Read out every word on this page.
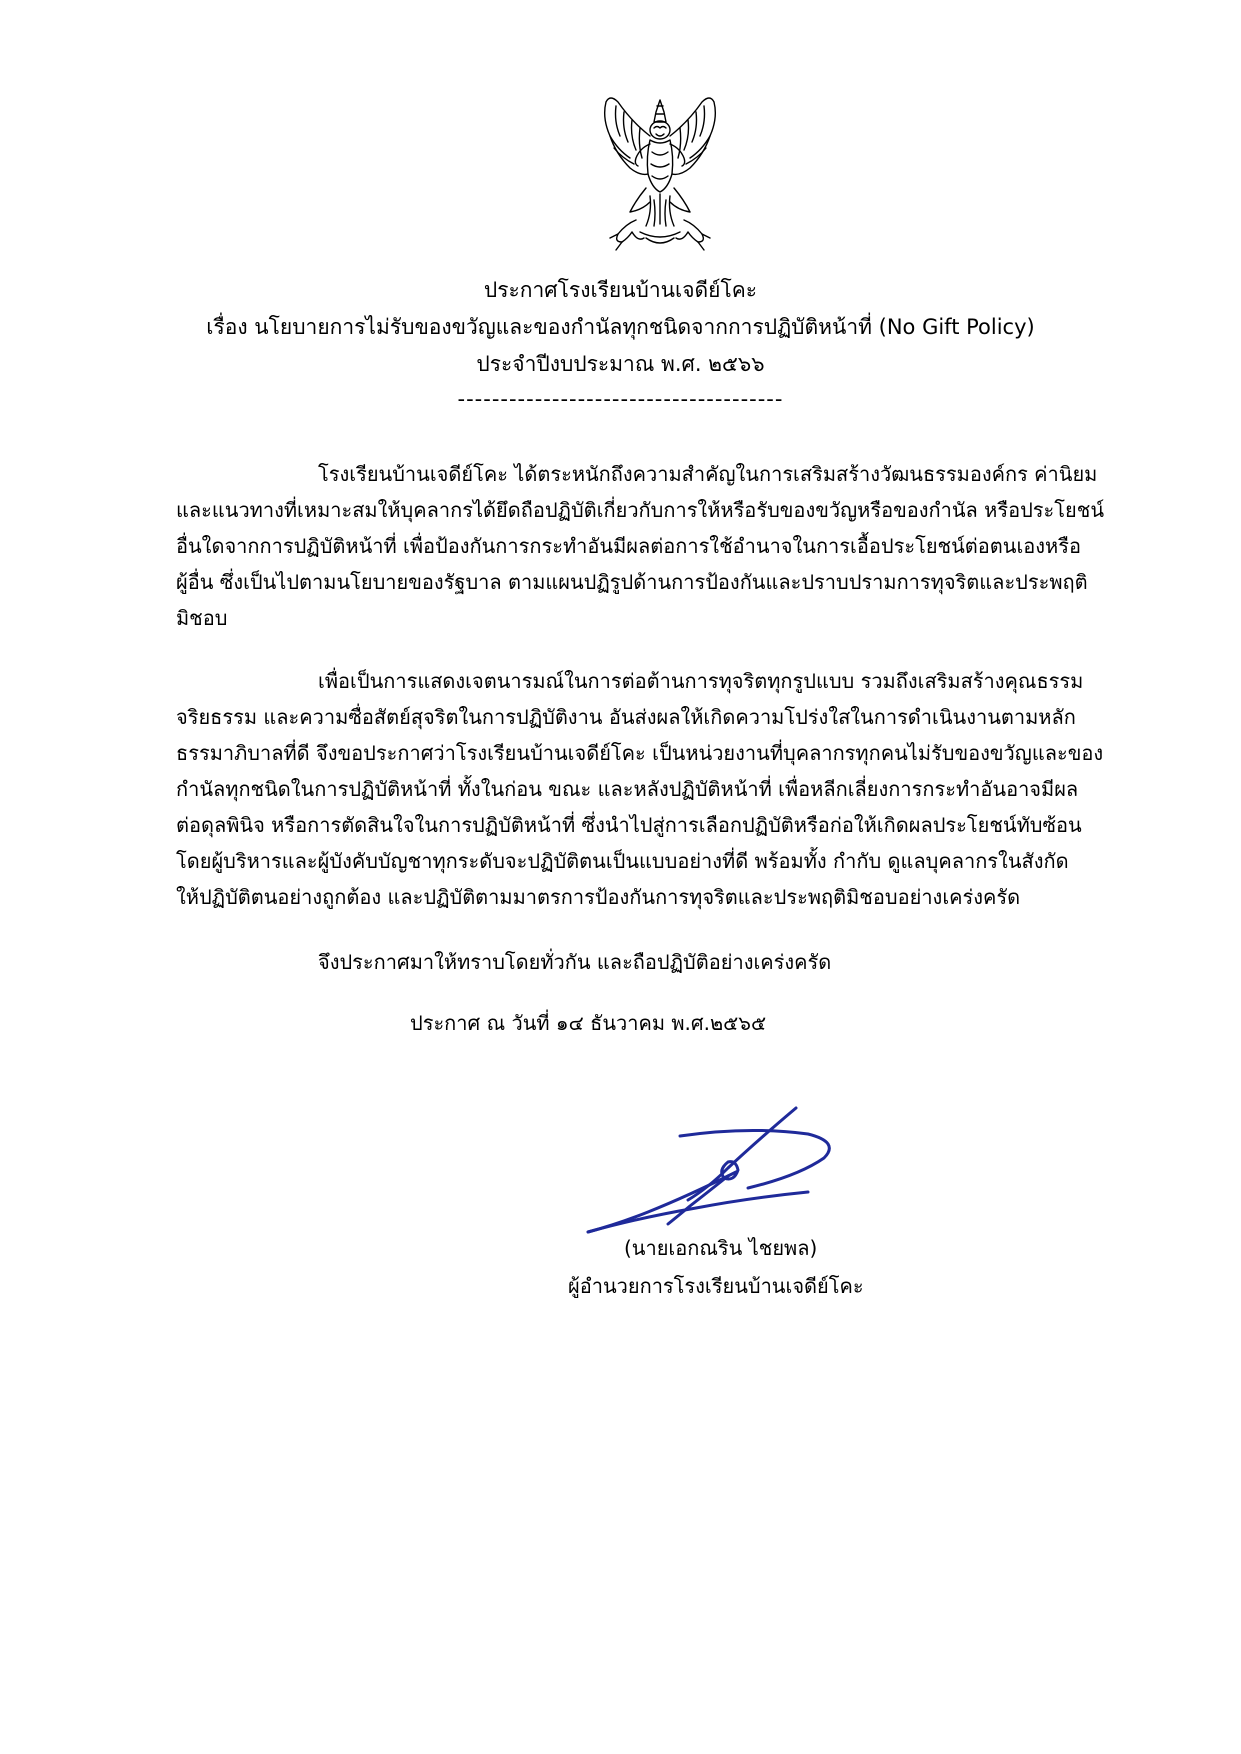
ประกาศโรงเรียนบ้านเจดีย์โคะ
เรื่อง นโยบายการไม่รับของขวัญและของกำนัลทุกชนิดจากการปฏิบัติหน้าที่ (No Gift Policy)
ประจำปีงบประมาณ พ.ศ. ๒๕๖๖
--------------------------------------
โรงเรียนบ้านเจดีย์โคะ ได้ตระหนักถึงความสำคัญในการเสริมสร้างวัฒนธรรมองค์กร ค่านิยม
และแนวทางที่เหมาะสมให้บุคลากรได้ยึดถือปฏิบัติเกี่ยวกับการให้หรือรับของขวัญหรือของกำนัล หรือประโยชน์
อื่นใดจากการปฏิบัติหน้าที่ เพื่อป้องกันการกระทำอันมีผลต่อการใช้อำนาจในการเอื้อประโยชน์ต่อตนเองหรือ
ผู้อื่น ซึ่งเป็นไปตามนโยบายของรัฐบาล ตามแผนปฏิรูปด้านการป้องกันและปราบปรามการทุจริตและประพฤติ
มิชอบ
เพื่อเป็นการแสดงเจตนารมณ์ในการต่อต้านการทุจริตทุกรูปแบบ รวมถึงเสริมสร้างคุณธรรม
จริยธรรม และความซื่อสัตย์สุจริตในการปฏิบัติงาน อันส่งผลให้เกิดความโปร่งใสในการดำเนินงานตามหลัก
ธรรมาภิบาลที่ดี จึงขอประกาศว่าโรงเรียนบ้านเจดีย์โคะ เป็นหน่วยงานที่บุคลากรทุกคนไม่รับของขวัญและของ
กำนัลทุกชนิดในการปฏิบัติหน้าที่ ทั้งในก่อน ขณะ และหลังปฏิบัติหน้าที่ เพื่อหลีกเลี่ยงการกระทำอันอาจมีผล
ต่อดุลพินิจ หรือการตัดสินใจในการปฏิบัติหน้าที่ ซึ่งนำไปสู่การเลือกปฏิบัติหรือก่อให้เกิดผลประโยชน์ทับซ้อน
โดยผู้บริหารและผู้บังคับบัญชาทุกระดับจะปฏิบัติตนเป็นแบบอย่างที่ดี พร้อมทั้ง กำกับ ดูแลบุคลากรในสังกัด
ให้ปฏิบัติตนอย่างถูกต้อง และปฏิบัติตามมาตรการป้องกันการทุจริตและประพฤติมิชอบอย่างเคร่งครัด
จึงประกาศมาให้ทราบโดยทั่วกัน และถือปฏิบัติอย่างเคร่งครัด
ประกาศ ณ วันที่ ๑๔ ธันวาคม พ.ศ.๒๕๖๕
(นายเอกณริน ไชยพล)
ผู้อำนวยการโรงเรียนบ้านเจดีย์โคะ
